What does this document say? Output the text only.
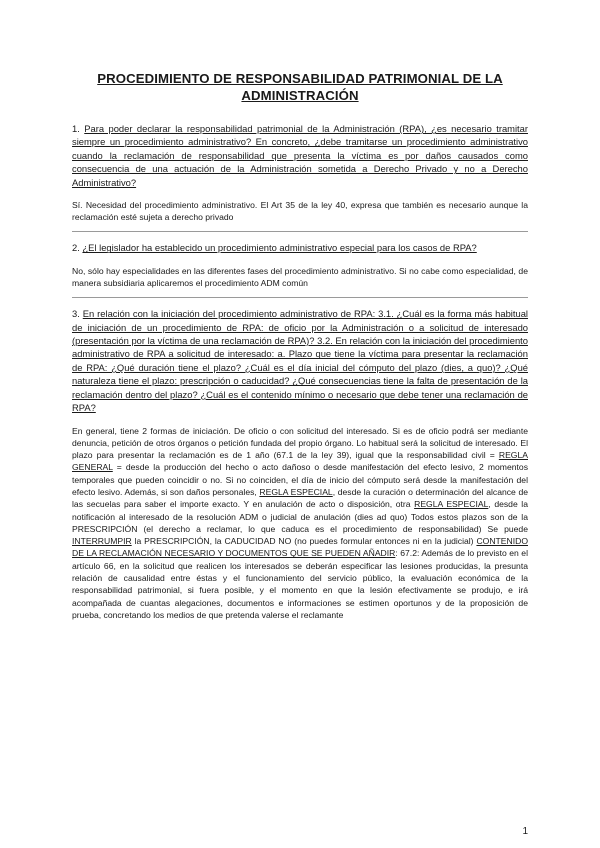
PROCEDIMIENTO DE RESPONSABILIDAD PATRIMONIAL DE LA ADMINISTRACIÓN

1. Para poder declarar la responsabilidad patrimonial de la Administración (RPA), ¿es necesario tramitar siempre un procedimiento administrativo? En concreto, ¿debe tramitarse un procedimiento administrativo cuando la reclamación de responsabilidad que presenta la víctima es por daños causados como consecuencia de una actuación de la Administración sometida a Derecho Privado y no a Derecho Administrativo?

Sí. Necesidad del procedimiento administrativo. El Art 35 de la ley 40, expresa que también es necesario aunque la reclamación esté sujeta a derecho privado

2. ¿El legislador ha establecido un procedimiento administrativo especial para los casos de RPA?

No, sólo hay especialidades en las diferentes fases del procedimiento administrativo. Si no cabe como especialidad, de manera subsidiaria aplicaremos el procedimiento ADM común

3. En relación con la iniciación del procedimiento administrativo de RPA: 3.1. ¿Cuál es la forma más habitual de iniciación de un procedimiento de RPA: de oficio por la Administración o a solicitud de interesado (presentación por la víctima de una reclamación de RPA)? 3.2. En relación con la iniciación del procedimiento administrativo de RPA a solicitud de interesado: a. Plazo que tiene la víctima para presentar la reclamación de RPA: ¿Qué duración tiene el plazo? ¿Cuál es el día inicial del cómputo del plazo (dies, a quo)? ¿Qué naturaleza tiene el plazo: prescripción o caducidad? ¿Qué consecuencias tiene la falta de presentación de la reclamación dentro del plazo? ¿Cuál es el contenido mínimo o necesario que debe tener una reclamación de RPA?

En general, tiene 2 formas de iniciación. De oficio o con solicitud del interesado. Si es de oficio podrá ser mediante denuncia, petición de otros órganos o petición fundada del propio órgano. Lo habitual será la solicitud de interesado. El plazo para presentar la reclamación es de 1 año (67.1 de la ley 39), igual que la responsabilidad civil = REGLA GENERAL = desde la producción del hecho o acto dañoso o desde manifestación del efecto lesivo, 2 momentos temporales que pueden coincidir o no. Si no coinciden, el día de inicio del cómputo será desde la manifestación del efecto lesivo. Además, si son daños personales, REGLA ESPECIAL, desde la curación o determinación del alcance de las secuelas para saber el importe exacto. Y en anulación de acto o disposición, otra REGLA ESPECIAL, desde la notificación al interesado de la resolución ADM o judicial de anulación (dies ad quo) Todos estos plazos son de la PRESCRIPCIÓN (el derecho a reclamar, lo que caduca es el procedimiento de responsabilidad) Se puede INTERRUMPIR la PRESCRIPCIÓN, la CADUCIDAD NO (no puedes formular entonces ni en la judicial) CONTENIDO DE LA RECLAMACIÓN NECESARIO Y DOCUMENTOS QUE SE PUEDEN AÑADIR: 67.2: Además de lo previsto en el artículo 66, en la solicitud que realicen los interesados se deberán especificar las lesiones producidas, la presunta relación de causalidad entre éstas y el funcionamiento del servicio público, la evaluación económica de la responsabilidad patrimonial, si fuera posible, y el momento en que la lesión efectivamente se produjo, e irá acompañada de cuantas alegaciones, documentos e informaciones se estimen oportunos y de la proposición de prueba, concretando los medios de que pretenda valerse el reclamante

1
